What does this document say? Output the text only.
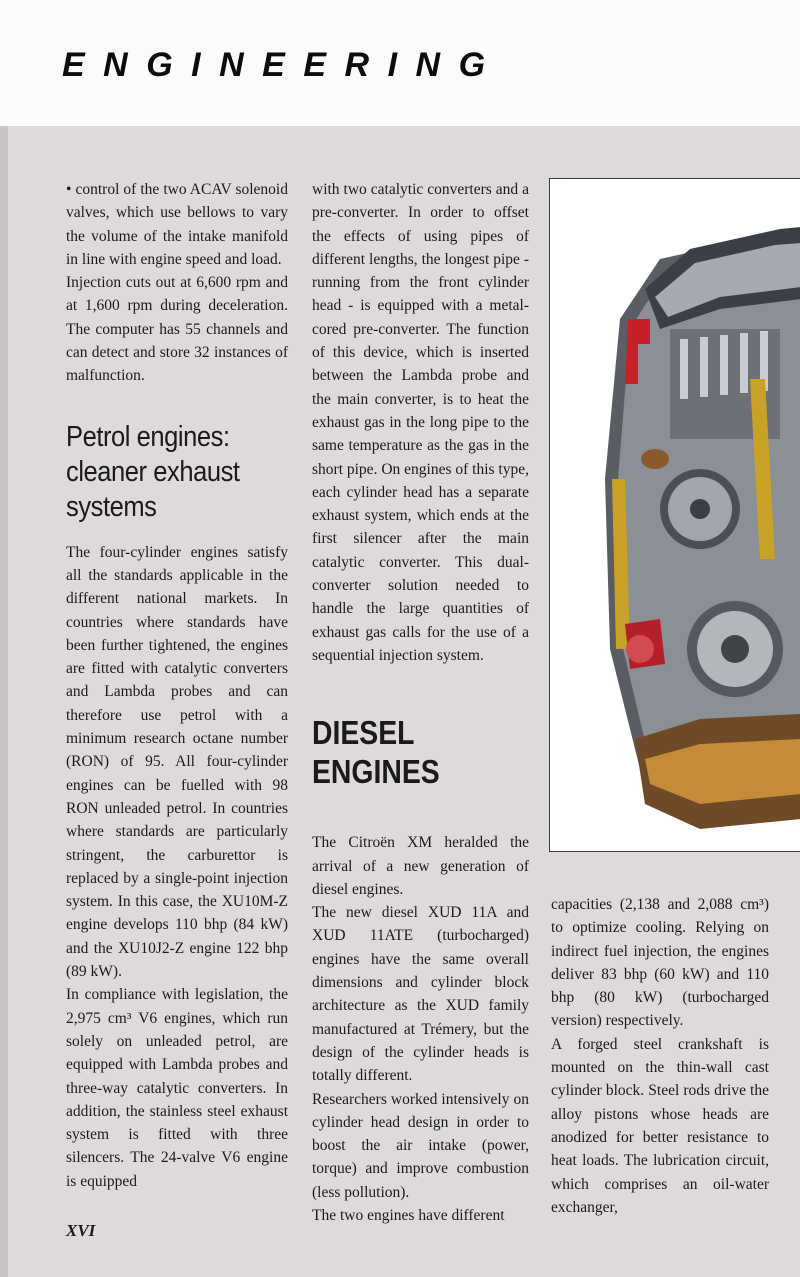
ENGINEERING

• control of the two ACAV solenoid valves, which use bellows to vary the volume of the intake manifold in line with engine speed and load.

Injection cuts out at 6,600 rpm and at 1,600 rpm during deceleration. The computer has 55 channels and can detect and store 32 instances of malfunction.

Petrol engines: cleaner exhaust systems

The four-cylinder engines satisfy all the standards applicable in the different national markets. In countries where standards have been further tightened, the engines are fitted with catalytic converters and Lambda probes and can therefore use petrol with a minimum research octane number (RON) of 95. All four-cylinder engines can be fuelled with 98 RON unleaded petrol. In countries where standards are particularly stringent, the carburettor is replaced by a single-point injection system. In this case, the XU10M-Z engine develops 110 bhp (84 kW) and the XU10J2-Z engine 122 bhp (89 kW).

In compliance with legislation, the 2,975 cm³ V6 engines, which run solely on unleaded petrol, are equipped with Lambda probes and three-way catalytic converters. In addition, the stainless steel exhaust system is fitted with three silencers. The 24-valve V6 engine is equipped

with two catalytic converters and a pre-converter. In order to offset the effects of using pipes of different lengths, the longest pipe - running from the front cylinder head - is equipped with a metal-cored pre-converter. The function of this device, which is inserted between the Lambda probe and the main converter, is to heat the exhaust gas in the long pipe to the same temperature as the gas in the short pipe. On engines of this type, each cylinder head has a separate exhaust system, which ends at the first silencer after the main catalytic converter. This dual-converter solution needed to handle the large quantities of exhaust gas calls for the use of a sequential injection system.

DIESEL ENGINES

The Citroën XM heralded the arrival of a new generation of diesel engines.

The new diesel XUD 11A and XUD 11ATE (turbocharged) engines have the same overall dimensions and cylinder block architecture as the XUD family manufactured at Trémery, but the design of the cylinder heads is totally different.

Researchers worked intensively on cylinder head design in order to boost the air intake (power, torque) and improve combustion (less pollution).

The two engines have different

capacities (2,138 and 2,088 cm³) to optimize cooling. Relying on indirect fuel injection, the engines deliver 83 bhp (60 kW) and 110 bhp (80 kW) (turbocharged version) respectively.

A forged steel crankshaft is mounted on the thin-wall cast cylinder block. Steel rods drive the alloy pistons whose heads are anodized for better resistance to heat loads. The lubrication circuit, which comprises an oil-water exchanger,

XVI
